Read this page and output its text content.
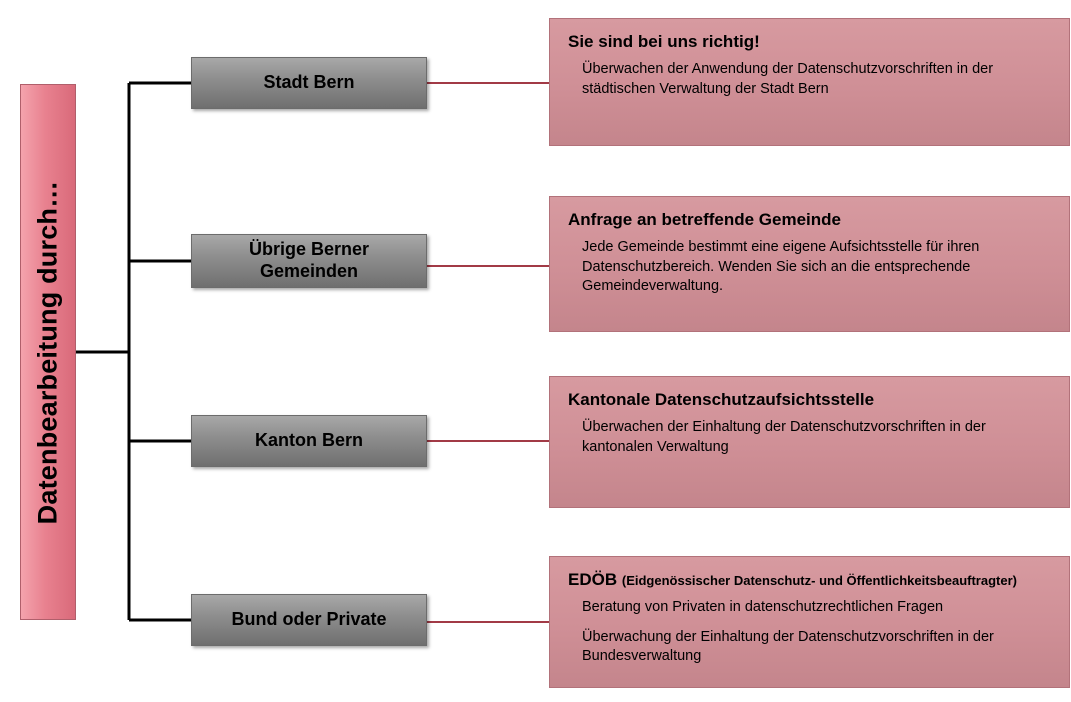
Datenbearbeitung durch…
Stadt Bern
Übrige Berner Gemeinden
Kanton Bern
Bund oder Private

Sie sind bei uns richtig!

Überwachen der Anwendung der Datenschutzvorschriften in der städtischen Verwaltung der Stadt Bern

Anfrage an betreffende Gemeinde

Jede Gemeinde bestimmt eine eigene Aufsichtsstelle für ihren Datenschutzbereich. Wenden Sie sich an die entsprechende Gemeindeverwaltung.

Kantonale Datenschutzaufsichtsstelle

Überwachen der Einhaltung der Datenschutzvorschriften in der kantonalen Verwaltung

EDÖB (Eidgenössischer Datenschutz- und Öffentlichkeitsbeauftragter)

Beratung von Privaten in datenschutzrechtlichen Fragen

Überwachung der Einhaltung der Datenschutzvorschriften in der Bundesverwaltung
